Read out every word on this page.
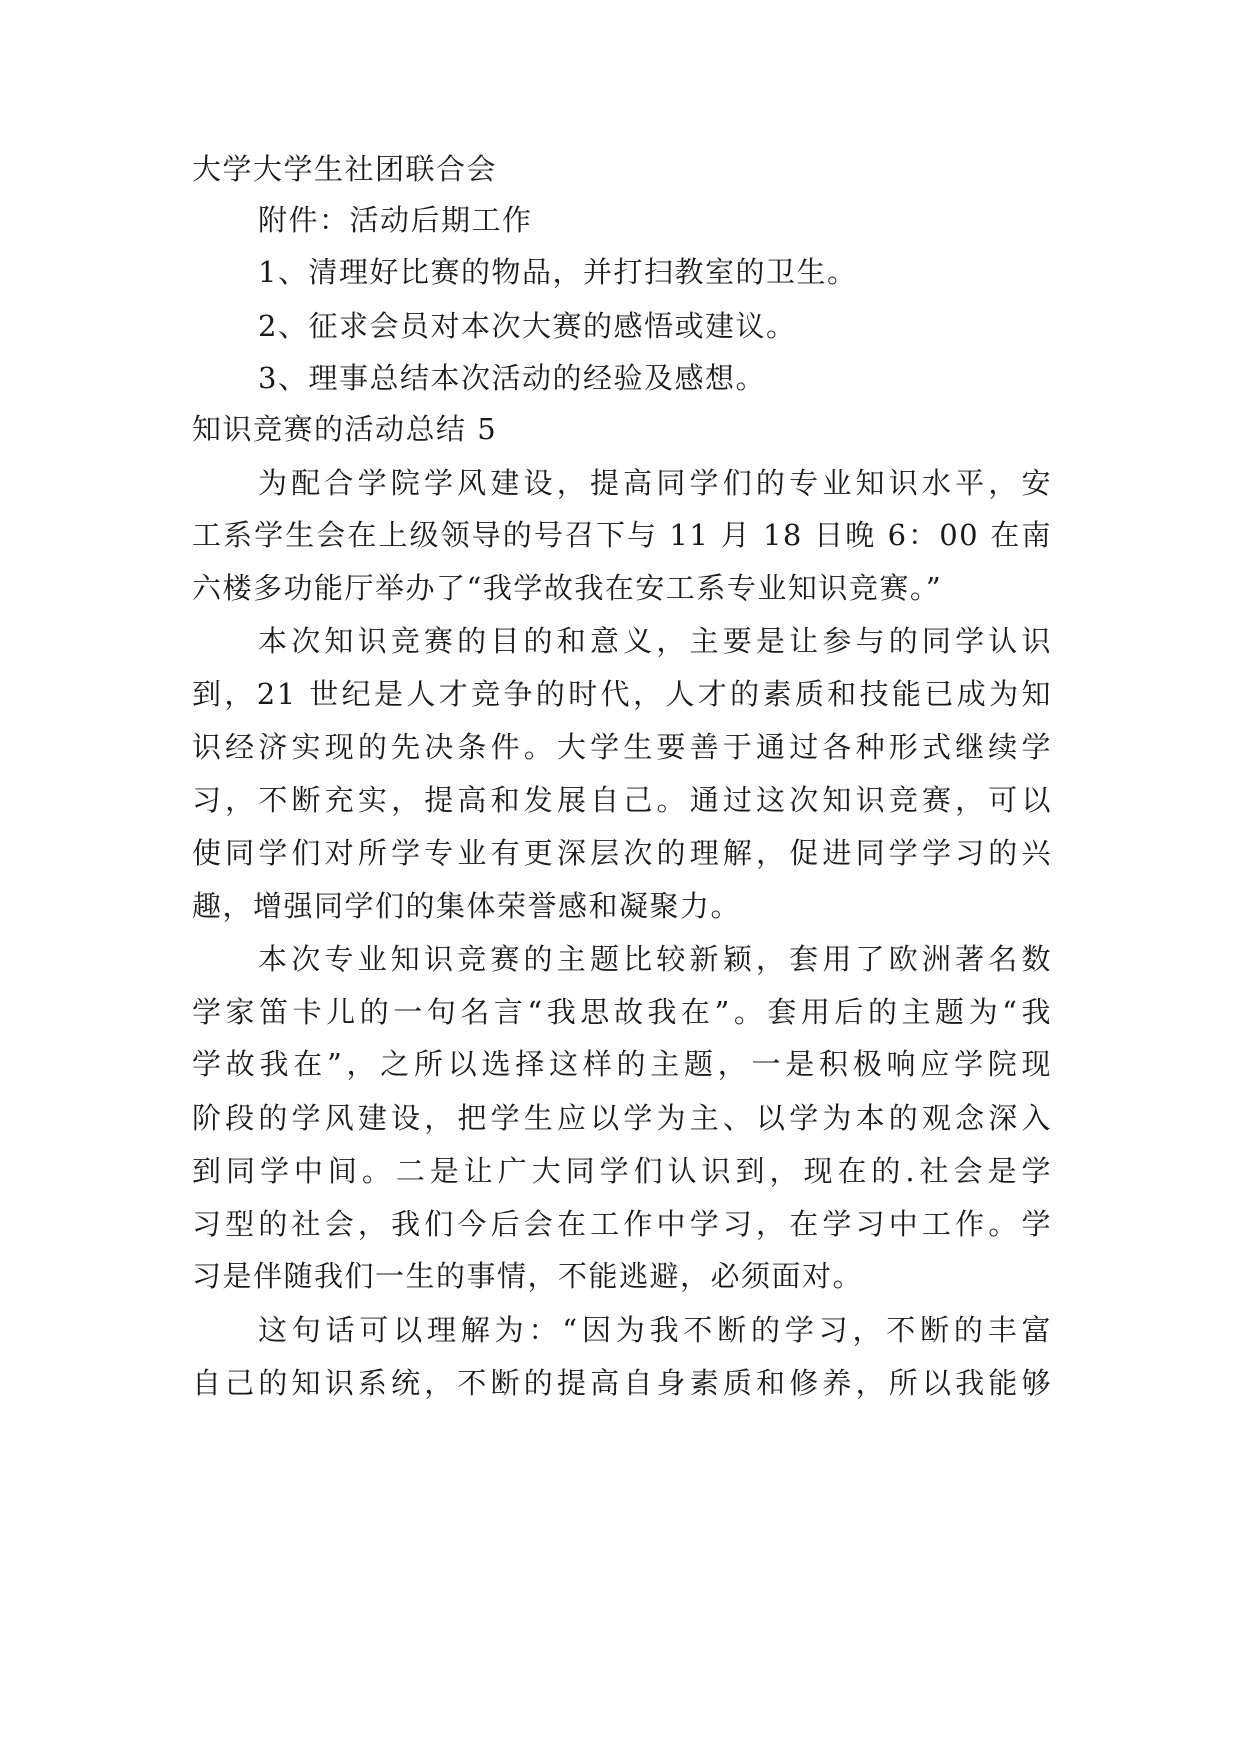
大学大学生社团联合会
附件：活动后期工作
1、清理好比赛的物品，并打扫教室的卫生。
2、征求会员对本次大赛的感悟或建议。
3、理事总结本次活动的经验及感想。
知识竞赛的活动总结 5
为配合学院学风建设，提高同学们的专业知识水平，安
工系学生会在上级领导的号召下与 11 月 18 日晚 6：00 在南
六楼多功能厅举办了“我学故我在安工系专业知识竞赛。”
本次知识竞赛的目的和意义，主要是让参与的同学认识
到，21 世纪是人才竞争的时代，人才的素质和技能已成为知
识经济实现的先决条件。大学生要善于通过各种形式继续学
习，不断充实，提高和发展自己。通过这次知识竞赛，可以
使同学们对所学专业有更深层次的理解，促进同学学习的兴
趣，增强同学们的集体荣誉感和凝聚力。
本次专业知识竞赛的主题比较新颖，套用了欧洲著名数
学家笛卡儿的一句名言“我思故我在”。套用后的主题为“我
学故我在”，之所以选择这样的主题，一是积极响应学院现
阶段的学风建设，把学生应以学为主、以学为本的观念深入
到同学中间。二是让广大同学们认识到，现在的.社会是学
习型的社会，我们今后会在工作中学习，在学习中工作。学
习是伴随我们一生的事情，不能逃避，必须面对。
这句话可以理解为：“因为我不断的学习，不断的丰富
自己的知识系统，不断的提高自身素质和修养，所以我能够
